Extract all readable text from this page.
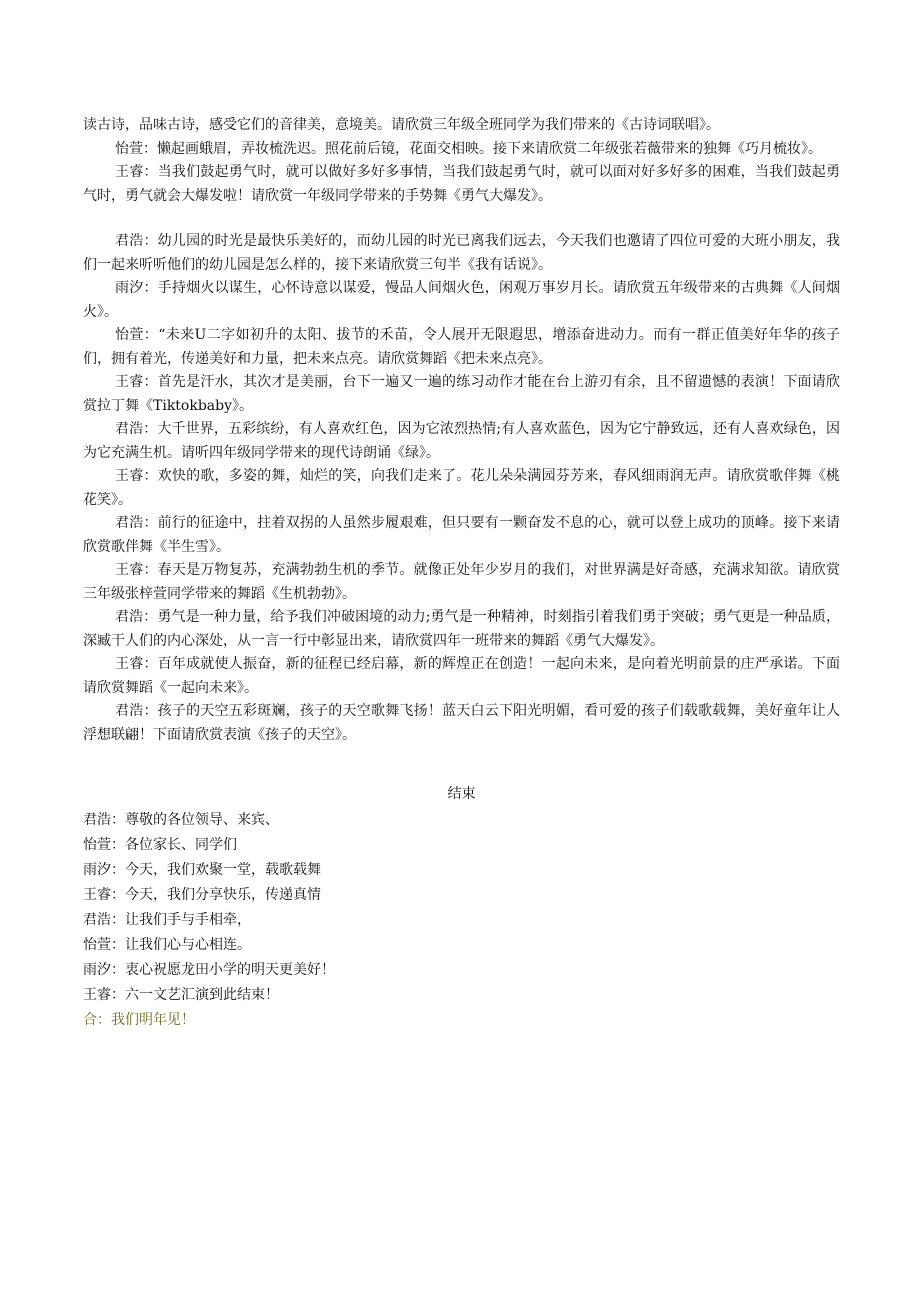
读古诗，品味古诗，感受它们的音律美，意境美。请欣赏三年级全班同学为我们带来的《古诗词联唱》。

怡萱：懒起画蛾眉，弄妆梳洗迟。照花前后镜，花面交相映。接下来请欣赏二年级张若薇带来的独舞《巧月梳妆》。

王睿：当我们鼓起勇气时，就可以做好多好多事情，当我们鼓起勇气时，就可以面对好多好多的困难，当我们鼓起勇气时，勇气就会大爆发啦！请欣赏一年级同学带来的手势舞《勇气大爆发》。

君浩：幼儿园的时光是最快乐美好的，而幼儿园的时光已离我们远去，今天我们也邀请了四位可爱的大班小朋友，我们一起来听听他们的幼儿园是怎么样的，接下来请欣赏三句半《我有话说》。

雨汐：手持烟火以谋生，心怀诗意以谋爱，慢品人间烟火色，闲观万事岁月长。请欣赏五年级带来的古典舞《人间烟火》。

怡萱：“未来U二字如初升的太阳、拔节的禾苗，令人展开无限遐思，增添奋进动力。而有一群正值美好年华的孩子们，拥有着光，传递美好和力量，把未来点亮。请欣赏舞蹈《把未来点亮》。

王睿：首先是汗水，其次才是美丽，台下一遍又一遍的练习动作才能在台上游刃有余，且不留遗憾的表演！下面请欣赏拉丁舞《Tiktokbaby》。

君浩：大千世界，五彩缤纷，有人喜欢红色，因为它浓烈热情;有人喜欢蓝色，因为它宁静致远，还有人喜欢绿色，因为它充满生机。请听四年级同学带来的现代诗朗诵《绿》。

王睿：欢快的歌，多姿的舞，灿烂的笑，向我们走来了。花儿朵朵满园芬芳来，春风细雨润无声。请欣赏歌伴舞《桃花笑》。

君浩：前行的征途中，拄着双拐的人虽然步履艰难，但只要有一颗奋发不息的心，就可以登上成功的顶峰。接下来请欣赏歌伴舞《半生雪》。

王睿：春天是万物复苏，充满勃勃生机的季节。就像正处年少岁月的我们，对世界满是好奇感，充满求知欲。请欣赏三年级张梓萱同学带来的舞蹈《生机勃勃》。

君浩：勇气是一种力量，给予我们冲破困境的动力;勇气是一种精神，时刻指引着我们勇于突破；勇气更是一种品质，深臧干人们的内心深处，从一言一行中彰显出来，请欣赏四年一班带来的舞蹈《勇气大爆发》。

王睿：百年成就使人振奋，新的征程已经启幕，新的辉煌正在创造！一起向未来，是向着光明前景的庄严承诺。下面请欣赏舞蹈《一起向未来》。

君浩：孩子的天空五彩斑斓，孩子的天空歌舞飞扬！蓝天白云下阳光明媚，看可爱的孩子们载歌载舞，美好童年让人浮想联翩！下面请欣赏表演《孩子的天空》。

结束

君浩：尊敬的各位领导、来宾、

怡萱：各位家长、同学们

雨汐：今天，我们欢聚一堂，载歌载舞

王睿：今天，我们分享快乐，传递真情

君浩：让我们手与手相牵，

怡萱：让我们心与心相连。

雨汐：衷心祝愿龙田小学的明天更美好！

王睿：六一文艺汇演到此结束！

合：我们明年见！
